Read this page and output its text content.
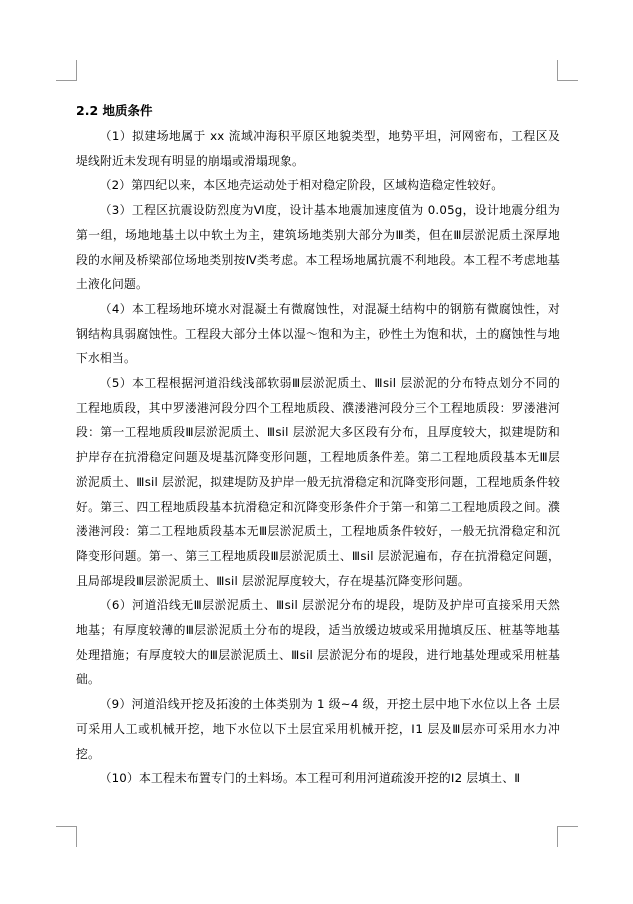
2.2 地质条件

（1）拟建场地属于 xx 流域冲海积平原区地貌类型，地势平坦，河网密布，工程区及堤线附近未发现有明显的崩塌或滑塌现象。

（2）第四纪以来，本区地壳运动处于相对稳定阶段，区域构造稳定性较好。

（3）工程区抗震设防烈度为Ⅵ度，设计基本地震加速度值为 0.05g，设计地震分组为第一组，场地地基土以中软土为主，建筑场地类别大部分为Ⅲ类，但在Ⅲ层淤泥质土深厚地段的水闸及桥梁部位场地类别按Ⅳ类考虑。本工程场地属抗震不利地段。本工程不考虑地基土液化问题。

（4）本工程场地环境水对混凝土有微腐蚀性，对混凝土结构中的钢筋有微腐蚀性，对钢结构具弱腐蚀性。工程段大部分土体以湿～饱和为主，砂性土为饱和状，土的腐蚀性与地下水相当。

（5）本工程根据河道沿线浅部软弱Ⅲ层淤泥质土、Ⅲsil 层淤泥的分布特点划分不同的工程地质段，其中罗溇港河段分四个工程地质段、濮溇港河段分三个工程地质段：罗溇港河段：第一工程地质段Ⅲ层淤泥质土、Ⅲsil 层淤泥大多区段有分布，且厚度较大，拟建堤防和护岸存在抗滑稳定问题及堤基沉降变形问题，工程地质条件差。第二工程地质段基本无Ⅲ层淤泥质土、Ⅲsil 层淤泥，拟建堤防及护岸一般无抗滑稳定和沉降变形问题，工程地质条件较好。第三、四工程地质段基本抗滑稳定和沉降变形条件介于第一和第二工程地质段之间。濮溇港河段：第二工程地质段基本无Ⅲ层淤泥质土，工程地质条件较好，一般无抗滑稳定和沉降变形问题。第一、第三工程地质段Ⅲ层淤泥质土、Ⅲsil 层淤泥遍布，存在抗滑稳定问题，且局部堤段Ⅲ层淤泥质土、Ⅲsil 层淤泥厚度较大，存在堤基沉降变形问题。

（6）河道沿线无Ⅲ层淤泥质土、Ⅲsil 层淤泥分布的堤段，堤防及护岸可直接采用天然地基；有厚度较薄的Ⅲ层淤泥质土分布的堤段，适当放缓边坡或采用抛填反压、桩基等地基处理措施；有厚度较大的Ⅲ层淤泥质土、Ⅲsil 层淤泥分布的堤段，进行地基处理或采用桩基础。

（9）河道沿线开挖及拓浚的土体类别为 1 级~4 级，开挖土层中地下水位以上各 土层可采用人工或机械开挖，地下水位以下土层宜采用机械开挖，Ⅰ1 层及Ⅲ层亦可采用水力冲挖。

（10）本工程未布置专门的土料场。本工程可利用河道疏浚开挖的Ⅰ2 层填土、Ⅱ
